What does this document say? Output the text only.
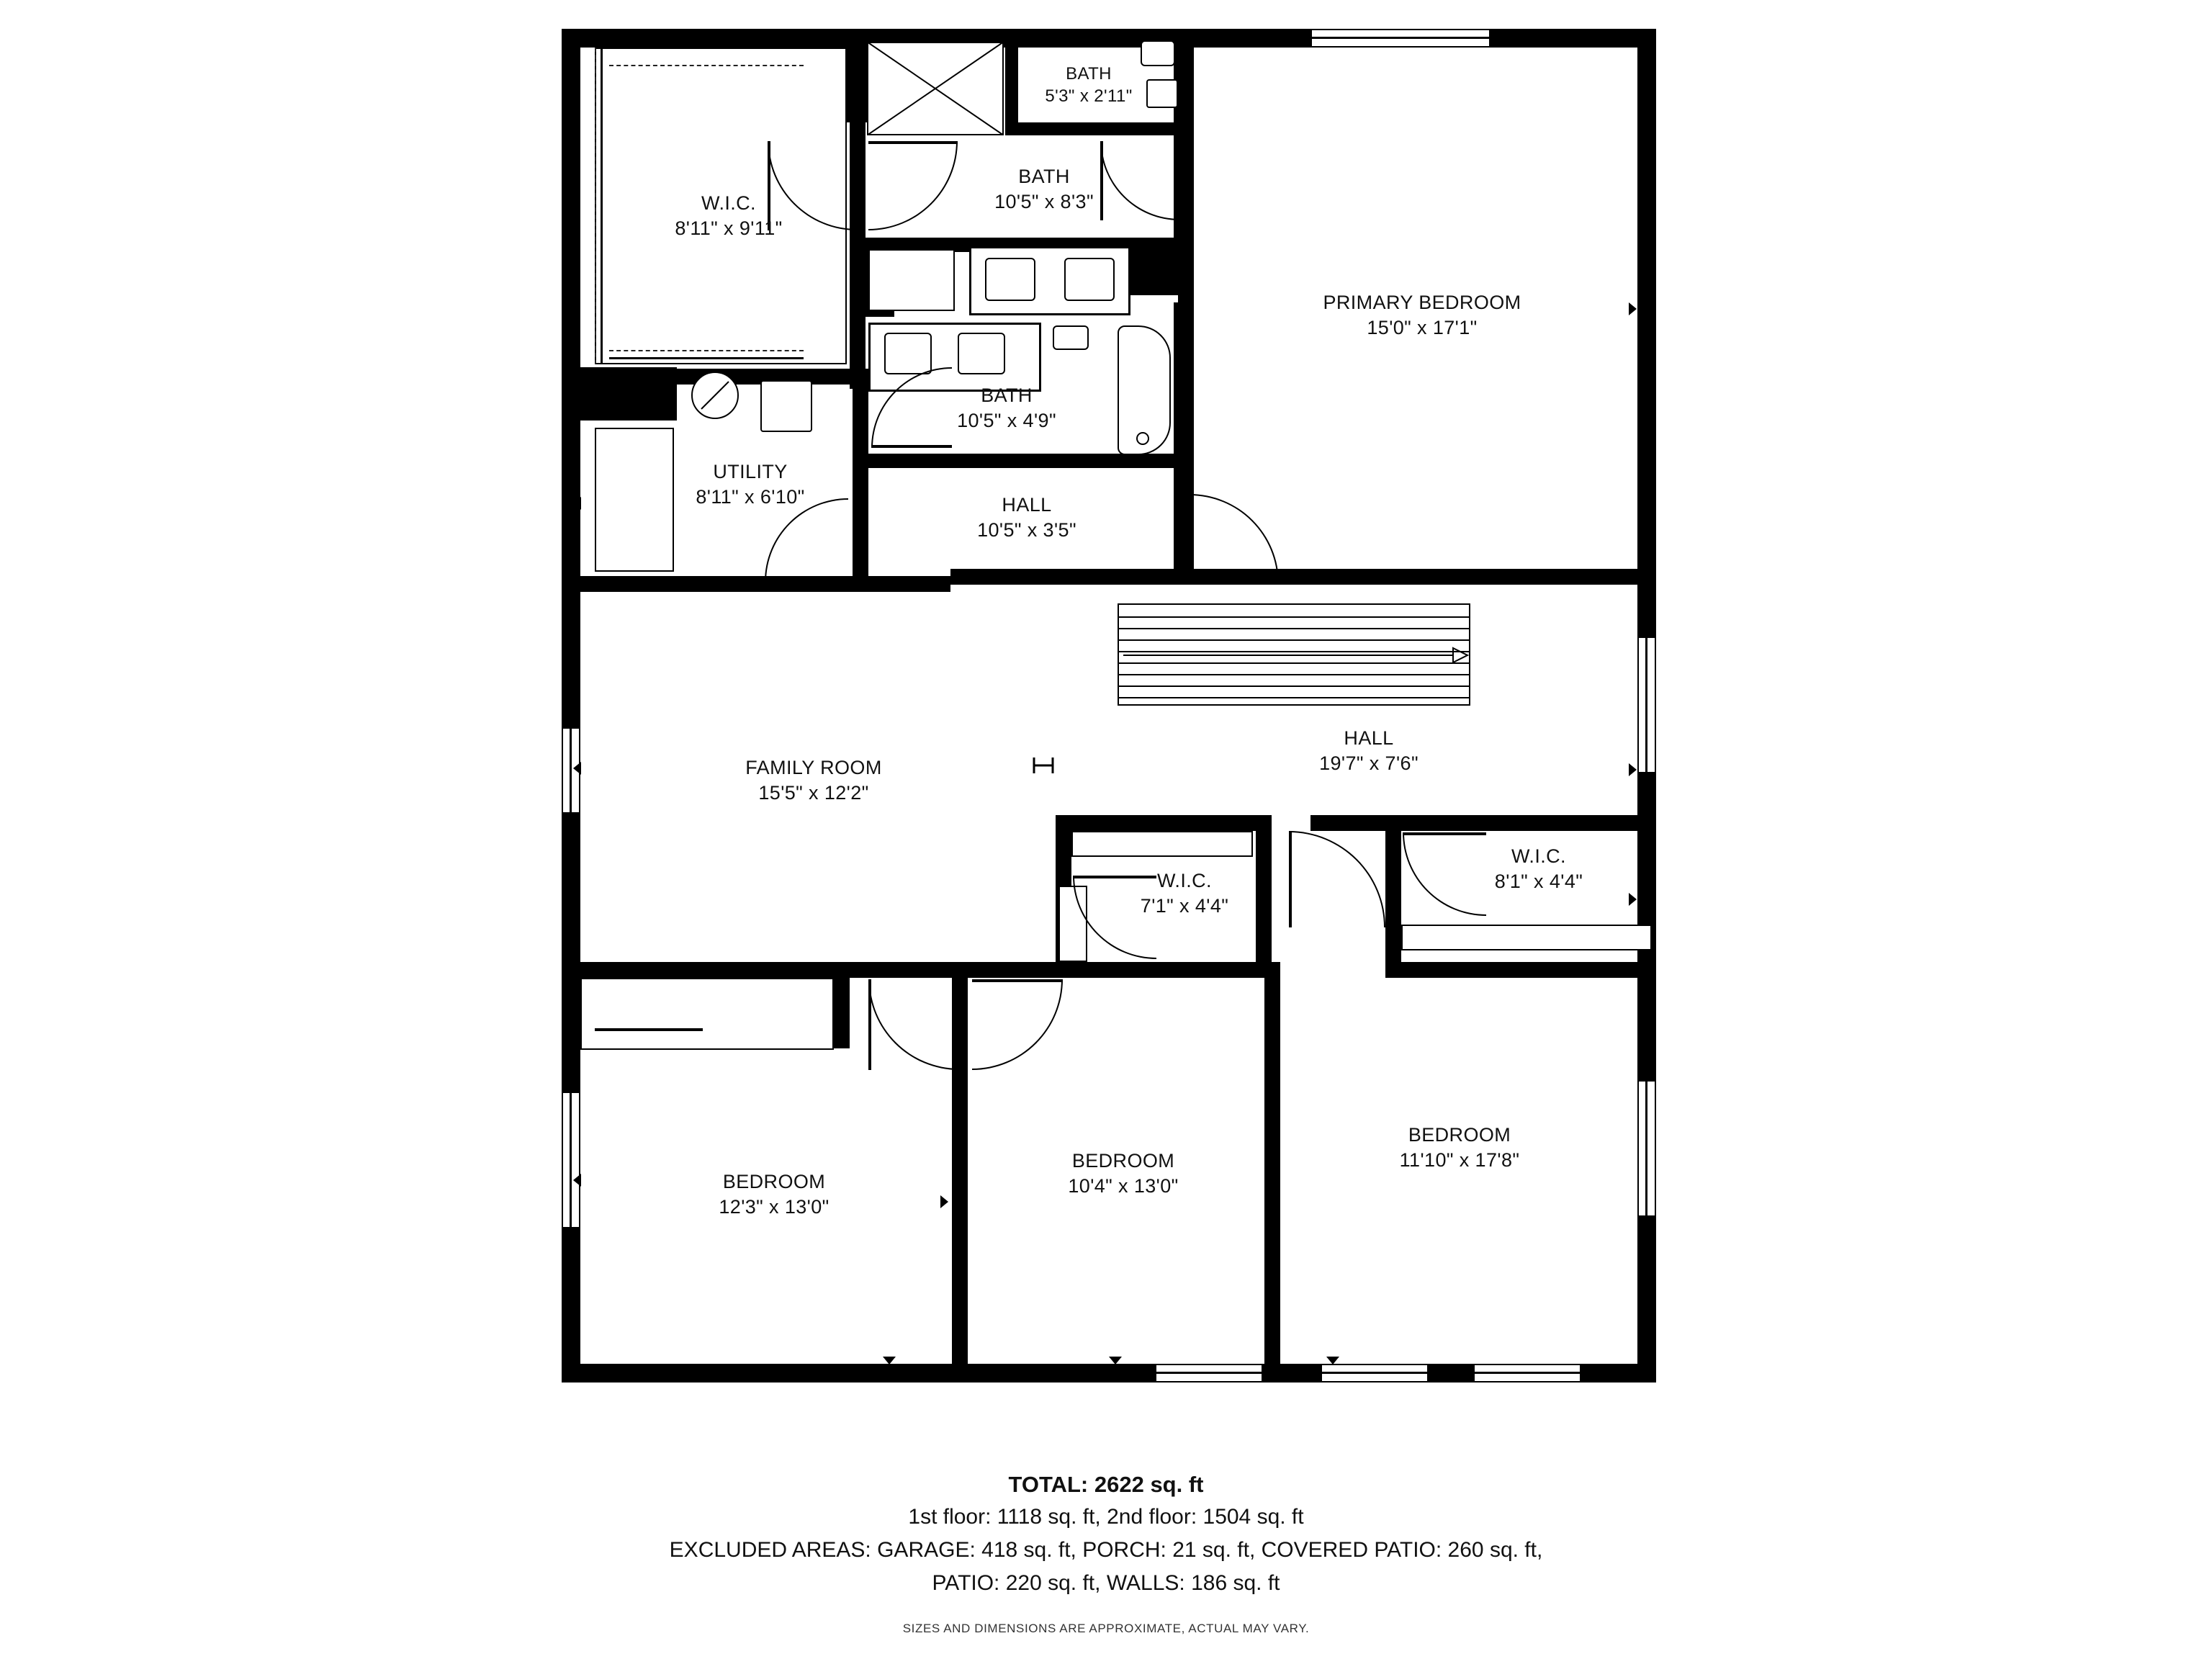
W.I.C.
8'11" x 9'11"
BATH
5'3" x 2'11"
BATH
10'5" x 8'3"
BATH
10'5" x 4'9"
PRIMARY BEDROOM
15'0" x 17'1"
UTILITY
8'11" x 6'10"	HALL
10'5" x 3'5"
HALL
19'7" x 7'6"
FAMILY ROOM
15'5" x 12'2"
W.I.C.
7'1" x 4'4"
W.I.C.
8'1" x 4'4"
BEDROOM
12'3" x 13'0"
BEDROOM
10'4" x 13'0"
BEDROOM
11'10" x 17'8"
TOTAL: 2622 sq. ft
1st floor: 1118 sq. ft, 2nd floor: 1504 sq. ft
EXCLUDED AREAS: GARAGE: 418 sq. ft, PORCH: 21 sq. ft, COVERED PATIO: 260 sq. ft,
PATIO: 220 sq. ft, WALLS: 186 sq. ft
SIZES AND DIMENSIONS ARE APPROXIMATE, ACTUAL MAY VARY.
